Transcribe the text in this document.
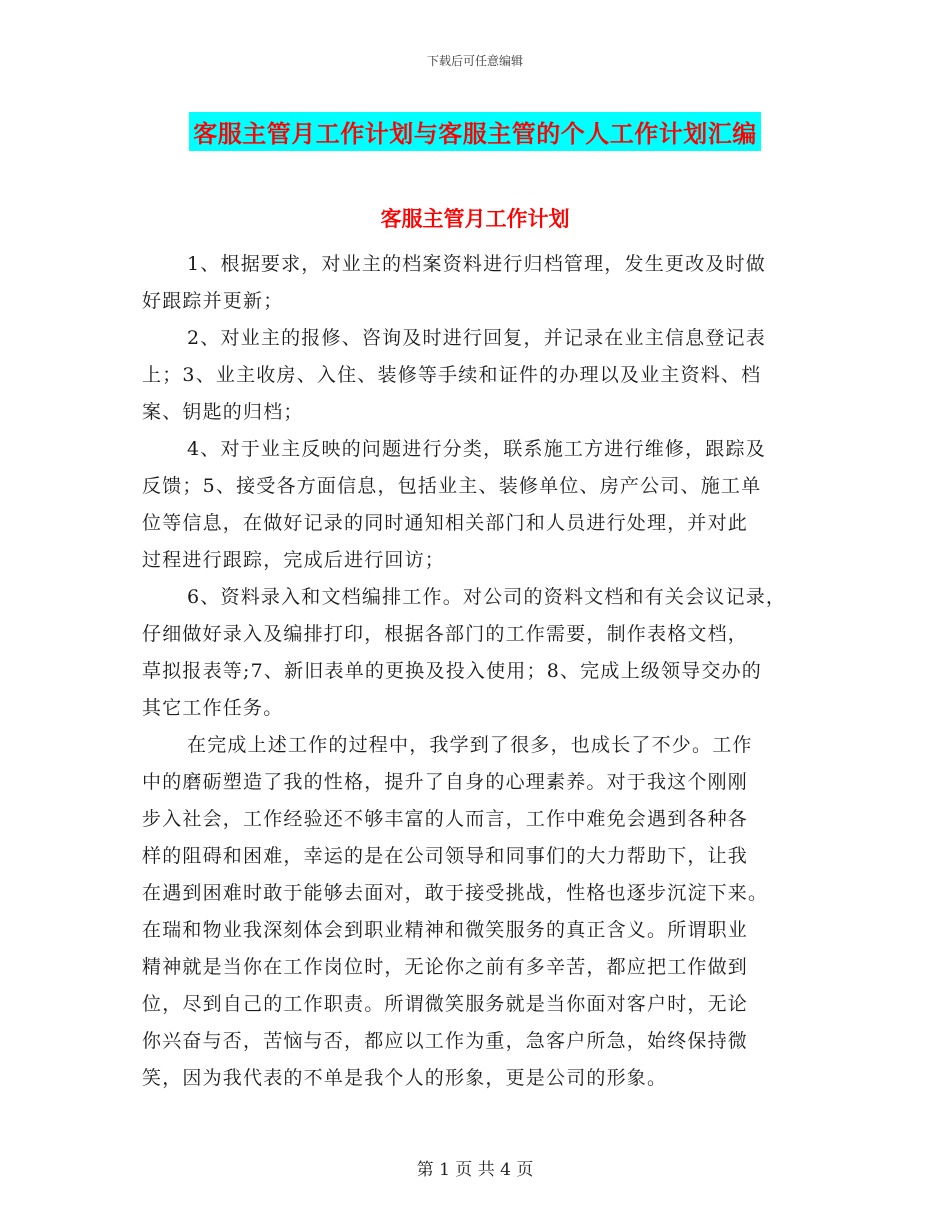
下载后可任意编辑
客服主管月工作计划与客服主管的个人工作计划汇编
客服主管月工作计划
1、根据要求，对业主的档案资料进行归档管理，发生更改及时做
好跟踪并更新；
2、对业主的报修、咨询及时进行回复，并记录在业主信息登记表
上；3、业主收房、入住、装修等手续和证件的办理以及业主资料、档
案、钥匙的归档；
4、对于业主反映的问题进行分类，联系施工方进行维修，跟踪及
反馈；5、接受各方面信息，包括业主、装修单位、房产公司、施工单
位等信息，在做好记录的同时通知相关部门和人员进行处理，并对此
过程进行跟踪，完成后进行回访；
6、资料录入和文档编排工作。对公司的资料文档和有关会议记录，
仔细做好录入及编排打印，根据各部门的工作需要，制作表格文档，
草拟报表等;7、新旧表单的更换及投入使用；8、完成上级领导交办的
其它工作任务。
在完成上述工作的过程中，我学到了很多，也成长了不少。工作
中的磨砺塑造了我的性格，提升了自身的心理素养。对于我这个刚刚
步入社会，工作经验还不够丰富的人而言，工作中难免会遇到各种各
样的阻碍和困难，幸运的是在公司领导和同事们的大力帮助下，让我
在遇到困难时敢于能够去面对，敢于接受挑战，性格也逐步沉淀下来。
在瑞和物业我深刻体会到职业精神和微笑服务的真正含义。所谓职业
精神就是当你在工作岗位时，无论你之前有多辛苦，都应把工作做到
位，尽到自己的工作职责。所谓微笑服务就是当你面对客户时，无论
你兴奋与否，苦恼与否，都应以工作为重，急客户所急，始终保持微
笑，因为我代表的不单是我个人的形象，更是公司的形象。
第 1 页 共 4 页
